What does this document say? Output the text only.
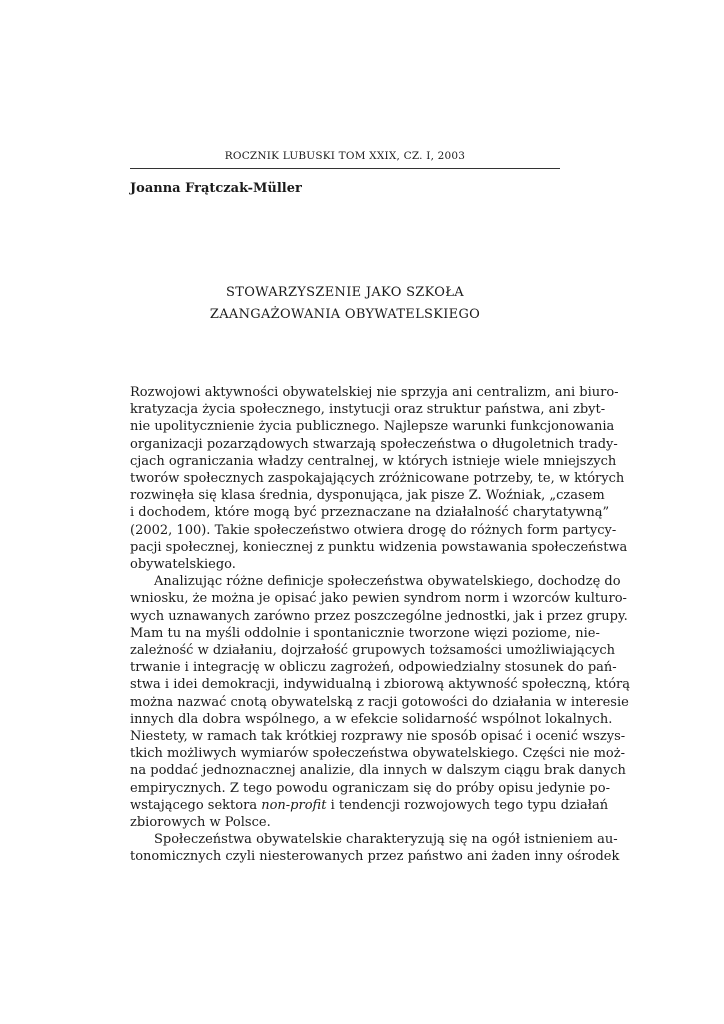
ROCZNIK LUBUSKI TOM XXIX, CZ. I, 2003
Joanna Frątczak-Müller
STOWARZYSZENIE JAKO SZKOŁA
ZAANGAŻOWANIA OBYWATELSKIEGO
Rozwojowi aktywności obywatelskiej nie sprzyja ani centralizm, ani biuro-
kratyzacja życia społecznego, instytucji oraz struktur państwa, ani zbyt-
nie upolitycznienie życia publicznego. Najlepsze warunki funkcjonowania
organizacji pozarządowych stwarzają społeczeństwa o długoletnich trady-
cjach ograniczania władzy centralnej, w których istnieje wiele mniejszych
tworów społecznych zaspokajających zróżnicowane potrzeby, te, w których
rozwinęła się klasa średnia, dysponująca, jak pisze Z. Woźniak, „czasem
i dochodem, które mogą być przeznaczane na działalność charytatywną”
(2002, 100). Takie społeczeństwo otwiera drogę do różnych form partycy-
pacji społecznej, koniecznej z punktu widzenia powstawania społeczeństwa
obywatelskiego.
Analizując różne definicje społeczeństwa obywatelskiego, dochodzę do
wniosku, że można je opisać jako pewien syndrom norm i wzorców kulturo-
wych uznawanych zarówno przez poszczególne jednostki, jak i przez grupy.
Mam tu na myśli oddolnie i spontanicznie tworzone więzi poziome, nie-
zależność w działaniu, dojrzałość grupowych tożsamości umożliwiających
trwanie i integrację w obliczu zagrożeń, odpowiedzialny stosunek do pań-
stwa i idei demokracji, indywidualną i zbiorową aktywność społeczną, którą
można nazwać cnotą obywatelską z racji gotowości do działania w interesie
innych dla dobra wspólnego, a w efekcie solidarność wspólnot lokalnych.
Niestety, w ramach tak krótkiej rozprawy nie sposób opisać i ocenić wszys-
tkich możliwych wymiarów społeczeństwa obywatelskiego. Części nie moż-
na poddać jednoznacznej analizie, dla innych w dalszym ciągu brak danych
empirycznych. Z tego powodu ograniczam się do próby opisu jedynie po-
wstającego sektora non-profit i tendencji rozwojowych tego typu działań
zbiorowych w Polsce.
Społeczeństwa obywatelskie charakteryzują się na ogół istnieniem au-
tonomicznych czyli niesterowanych przez państwo ani żaden inny ośrodek
